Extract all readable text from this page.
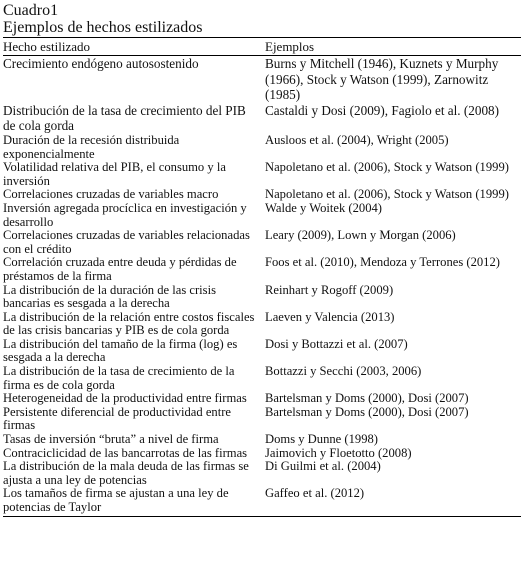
Cuadro1
Ejemplos de hechos estilizados
Hecho estilizado	Ejemplos
Crecimiento endógeno autosostenido	Burns y Mitchell (1946), Kuznets y Murphy (1966), Stock y Watson (1999), Zarnowitz (1985)
Distribución de la tasa de crecimiento del PIB de cola gorda	Castaldi y Dosi (2009), Fagiolo et al. (2008)
Duración de la recesión distribuida exponencialmente	Ausloos et al. (2004), Wright (2005)
Volatilidad relativa del PIB, el consumo y la inversión	Napoletano et al. (2006), Stock y Watson (1999)
Correlaciones cruzadas de variables macro	Napoletano et al. (2006), Stock y Watson (1999)
Inversión agregada procíclica en investigación y desarrollo	Walde y Woitek (2004)
Correlaciones cruzadas de variables relacionadas con el crédito	Leary (2009), Lown y Morgan (2006)
Correlación cruzada entre deuda y pérdidas de préstamos de la firma	Foos et al. (2010), Mendoza y Terrones (2012)
La distribución de la duración de las crisis bancarias es sesgada a la derecha	Reinhart y Rogoff (2009)
La distribución de la relación entre costos fiscales de las crisis bancarias y PIB es de cola gorda	Laeven y Valencia (2013)
La distribución del tamaño de la firma (log) es sesgada a la derecha	Dosi y Bottazzi et al. (2007)
La distribución de la tasa de crecimiento de la firma es de cola gorda	Bottazzi y Secchi (2003, 2006)
Heterogeneidad de la productividad entre firmas	Bartelsman y Doms (2000), Dosi (2007)
Persistente diferencial de productividad entre firmas	Bartelsman y Doms (2000), Dosi (2007)
Tasas de inversión “bruta” a nivel de firma	Doms y Dunne (1998)
Contraciclicidad de las bancarrotas de las firmas	Jaimovich y Floetotto (2008)
La distribución de la mala deuda de las firmas se ajusta a una ley de potencias	Di Guilmi et al. (2004)
Los tamaños de firma se ajustan a una ley de potencias de Taylor	Gaffeo et al. (2012)
